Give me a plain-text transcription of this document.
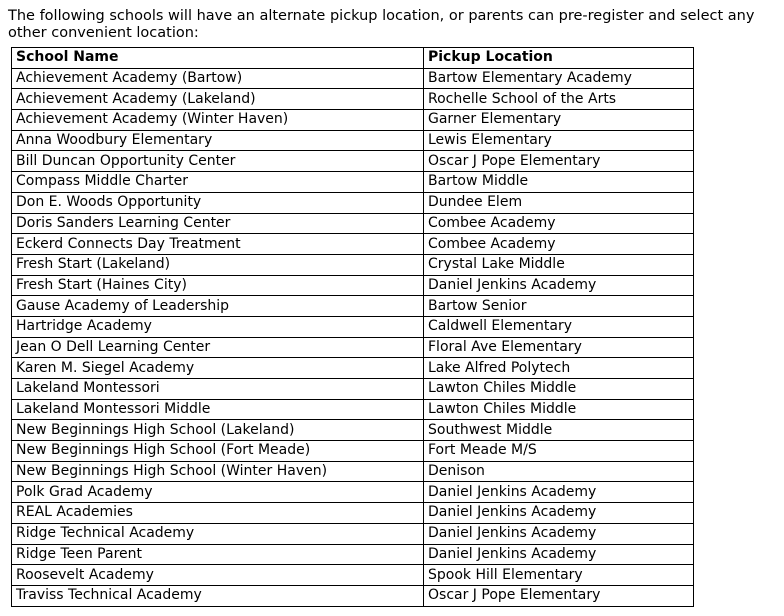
The following schools will have an alternate pickup location, or parents can pre-register and select any other convenient location:

School Name	Pickup Location
Achievement Academy (Bartow)	Bartow Elementary Academy
Achievement Academy (Lakeland)	Rochelle School of the Arts
Achievement Academy (Winter Haven)	Garner Elementary
Anna Woodbury Elementary	Lewis Elementary
Bill Duncan Opportunity Center	Oscar J Pope Elementary
Compass Middle Charter	Bartow Middle
Don E. Woods Opportunity	Dundee Elem
Doris Sanders Learning Center	Combee Academy
Eckerd Connects Day Treatment	Combee Academy
Fresh Start (Lakeland)	Crystal Lake Middle
Fresh Start (Haines City)	Daniel Jenkins Academy
Gause Academy of Leadership	Bartow Senior
Hartridge Academy	Caldwell Elementary
Jean O Dell Learning Center	Floral Ave Elementary
Karen M. Siegel Academy	Lake Alfred Polytech
Lakeland Montessori	Lawton Chiles Middle
Lakeland Montessori Middle	Lawton Chiles Middle
New Beginnings High School (Lakeland)	Southwest Middle
New Beginnings High School (Fort Meade)	Fort Meade M/S
New Beginnings High School (Winter Haven)	Denison
Polk Grad Academy	Daniel Jenkins Academy
REAL Academies	Daniel Jenkins Academy
Ridge Technical Academy	Daniel Jenkins Academy
Ridge Teen Parent	Daniel Jenkins Academy
Roosevelt Academy	Spook Hill Elementary
Traviss Technical Academy	Oscar J Pope Elementary
